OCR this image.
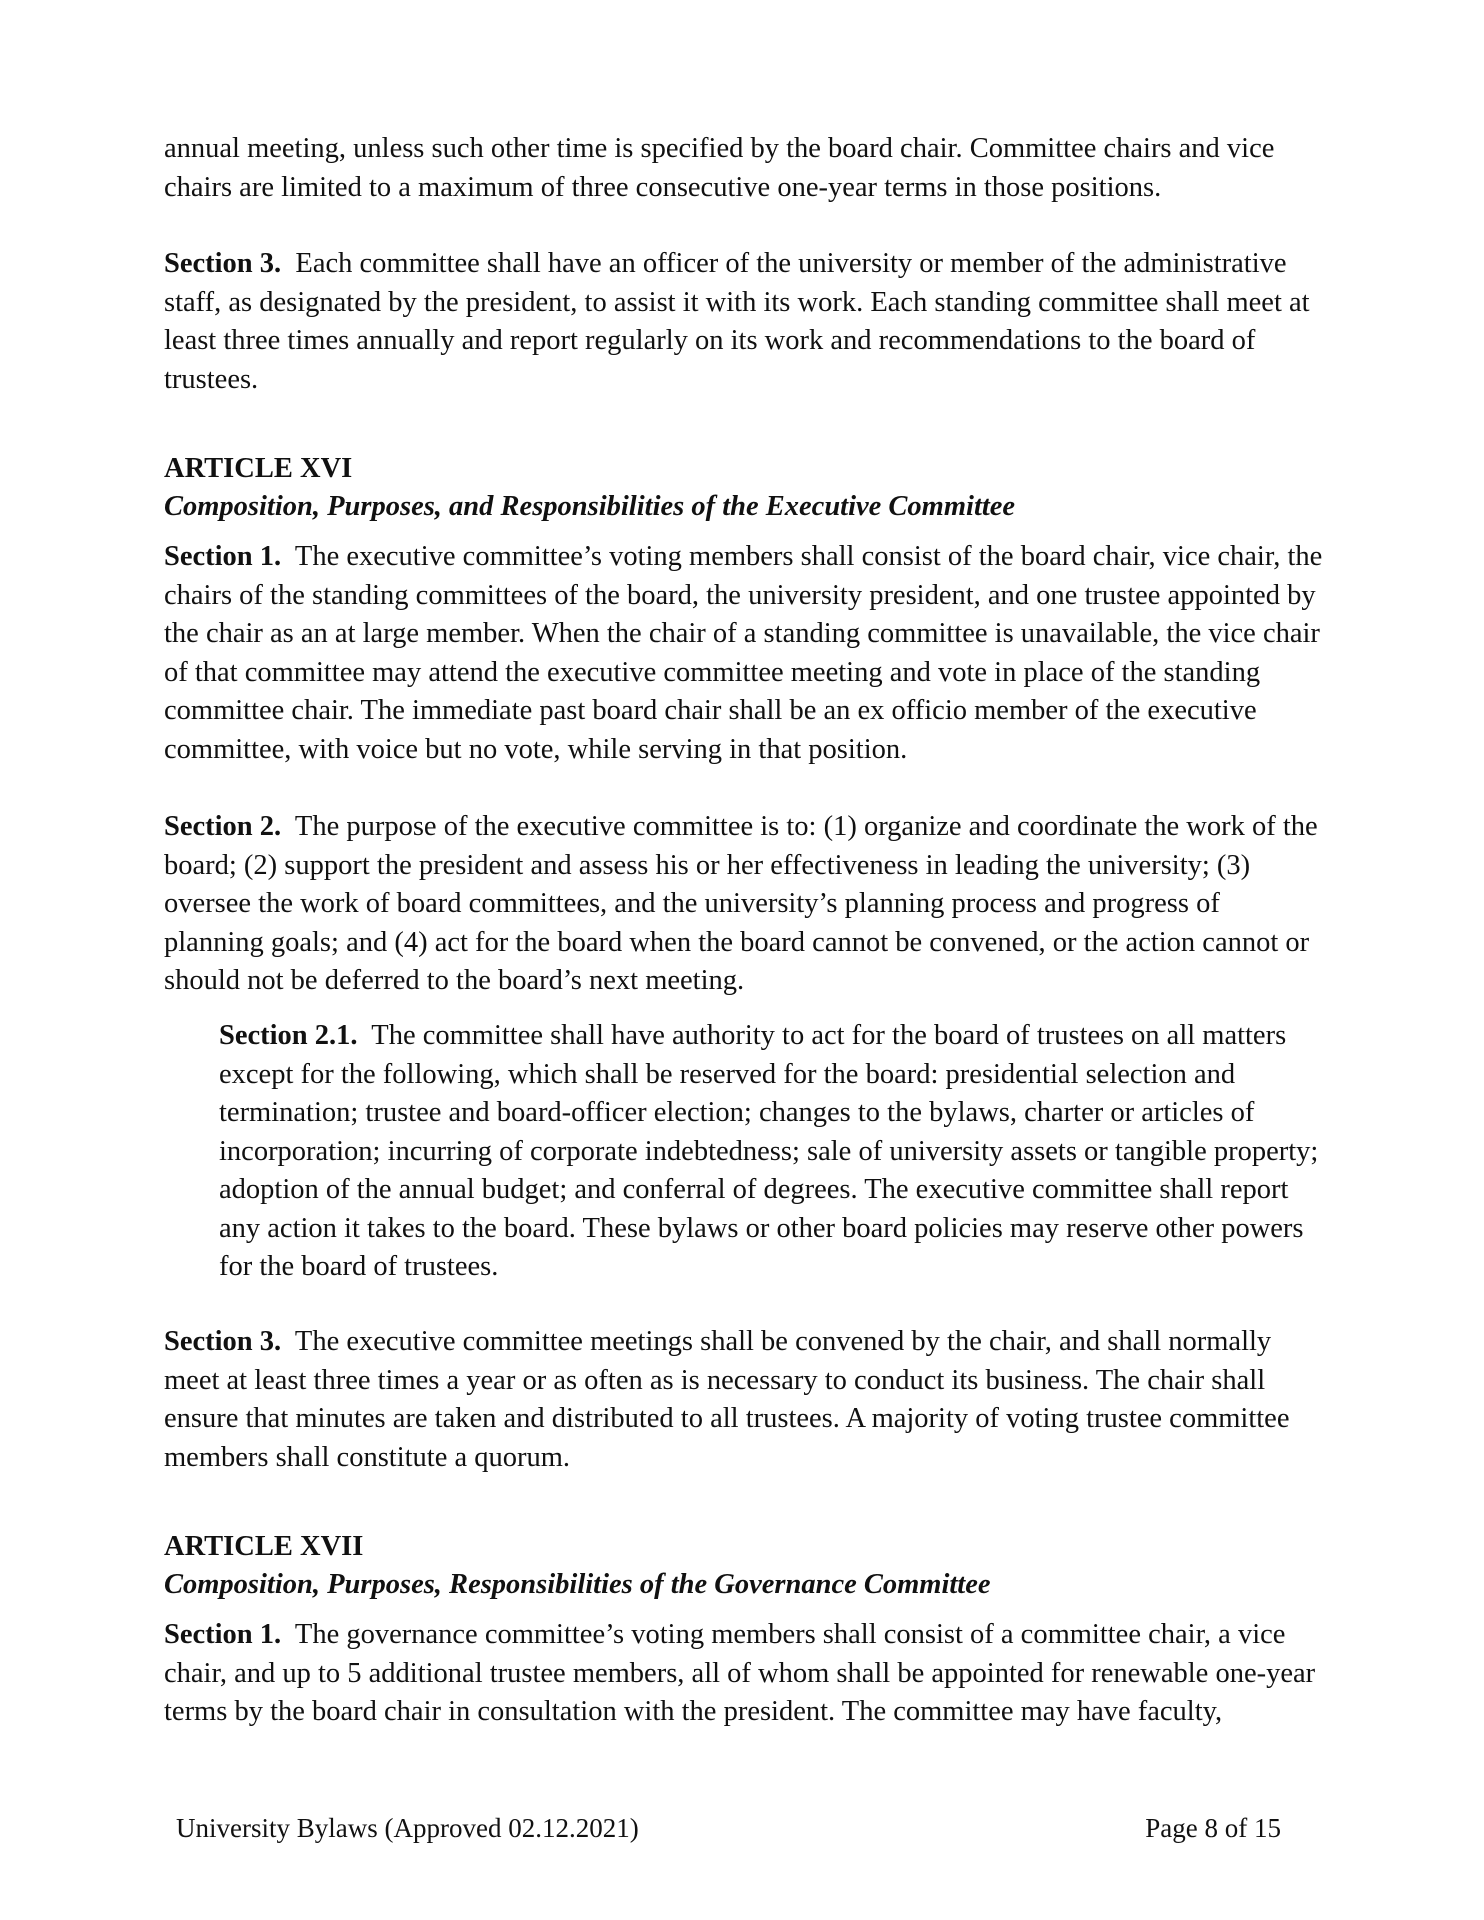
annual meeting, unless such other time is specified by the board chair. Committee chairs and vice chairs are limited to a maximum of three consecutive one-year terms in those positions.

Section 3. Each committee shall have an officer of the university or member of the administrative staff, as designated by the president, to assist it with its work. Each standing committee shall meet at least three times annually and report regularly on its work and recommendations to the board of trustees.

ARTICLE XVI

Composition, Purposes, and Responsibilities of the Executive Committee

Section 1. The executive committee’s voting members shall consist of the board chair, vice chair, the chairs of the standing committees of the board, the university president, and one trustee appointed by the chair as an at large member. When the chair of a standing committee is unavailable, the vice chair of that committee may attend the executive committee meeting and vote in place of the standing committee chair. The immediate past board chair shall be an ex officio member of the executive committee, with voice but no vote, while serving in that position.

Section 2. The purpose of the executive committee is to: (1) organize and coordinate the work of the board; (2) support the president and assess his or her effectiveness in leading the university; (3) oversee the work of board committees, and the university’s planning process and progress of planning goals; and (4) act for the board when the board cannot be convened, or the action cannot or should not be deferred to the board’s next meeting.

Section 2.1. The committee shall have authority to act for the board of trustees on all matters except for the following, which shall be reserved for the board: presidential selection and termination; trustee and board-officer election; changes to the bylaws, charter or articles of incorporation; incurring of corporate indebtedness; sale of university assets or tangible property; adoption of the annual budget; and conferral of degrees. The executive committee shall report any action it takes to the board. These bylaws or other board policies may reserve other powers for the board of trustees.

Section 3. The executive committee meetings shall be convened by the chair, and shall normally meet at least three times a year or as often as is necessary to conduct its business. The chair shall ensure that minutes are taken and distributed to all trustees. A majority of voting trustee committee members shall constitute a quorum.

ARTICLE XVII

Composition, Purposes, Responsibilities of the Governance Committee

Section 1. The governance committee’s voting members shall consist of a committee chair, a vice chair, and up to 5 additional trustee members, all of whom shall be appointed for renewable one-year terms by the board chair in consultation with the president. The committee may have faculty,

University Bylaws (Approved 02.12.2021)	Page 8 of 15
